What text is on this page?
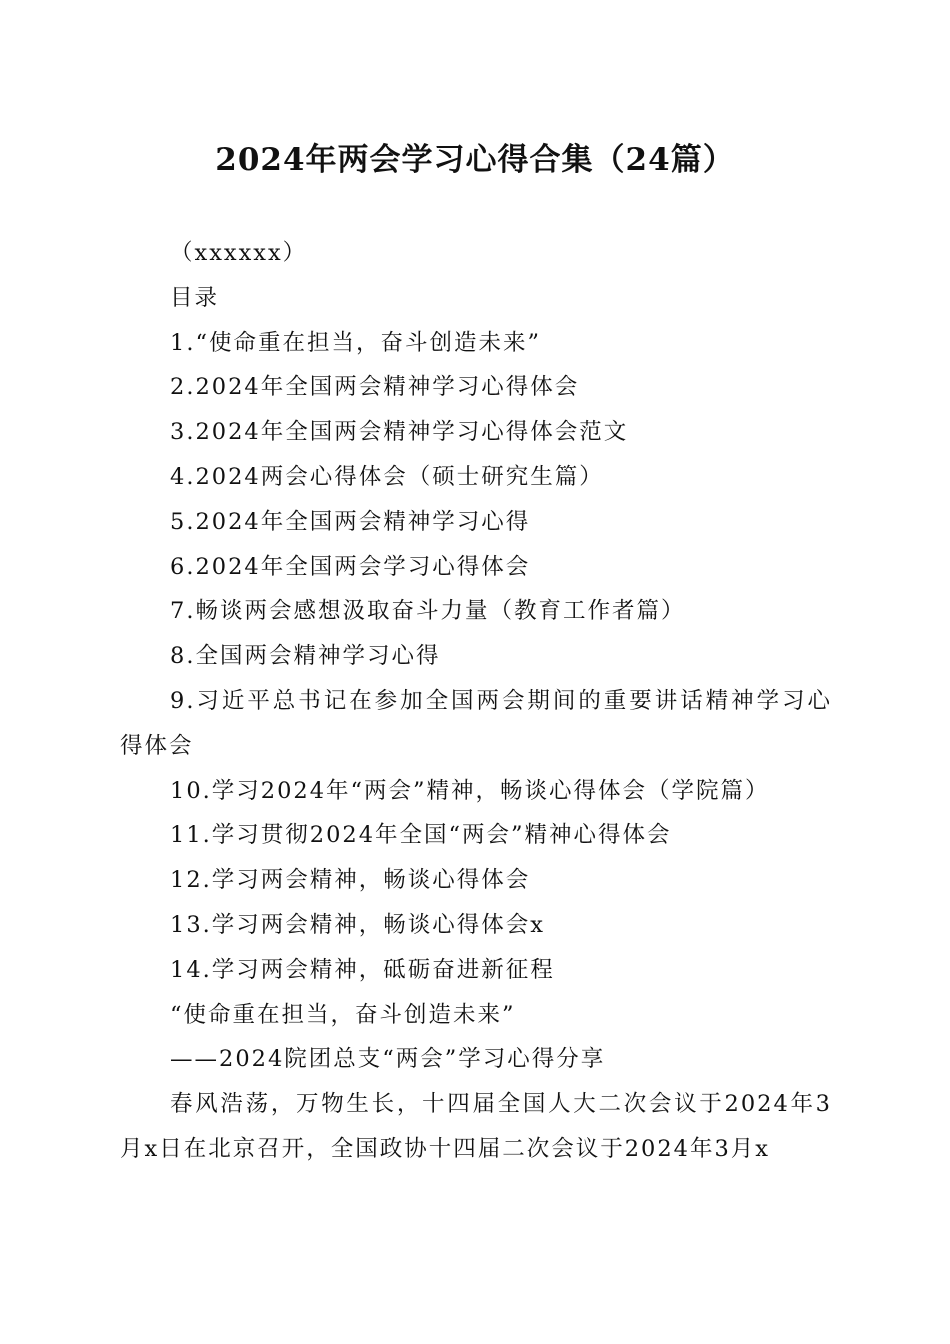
2024年两会学习心得合集（24篇）
（xxxxxx）
目录
1.“使命重在担当，奋斗创造未来”
2.2024年全国两会精神学习心得体会
3.2024年全国两会精神学习心得体会范文
4.2024两会心得体会（硕士研究生篇）
5.2024年全国两会精神学习心得
6.2024年全国两会学习心得体会
7.畅谈两会感想汲取奋斗力量（教育工作者篇）
8.全国两会精神学习心得
9.习近平总书记在参加全国两会期间的重要讲话精神学习心得体会
10.学习2024年“两会”精神，畅谈心得体会（学院篇）
11.学习贯彻2024年全国“两会”精神心得体会
12.学习两会精神，畅谈心得体会
13.学习两会精神，畅谈心得体会x
14.学习两会精神，砥砺奋进新征程
“使命重在担当，奋斗创造未来”
——2024院团总支“两会”学习心得分享
春风浩荡，万物生长，十四届全国人大二次会议于2024年3月x日在北京召开，全国政协十四届二次会议于2024年3月x
